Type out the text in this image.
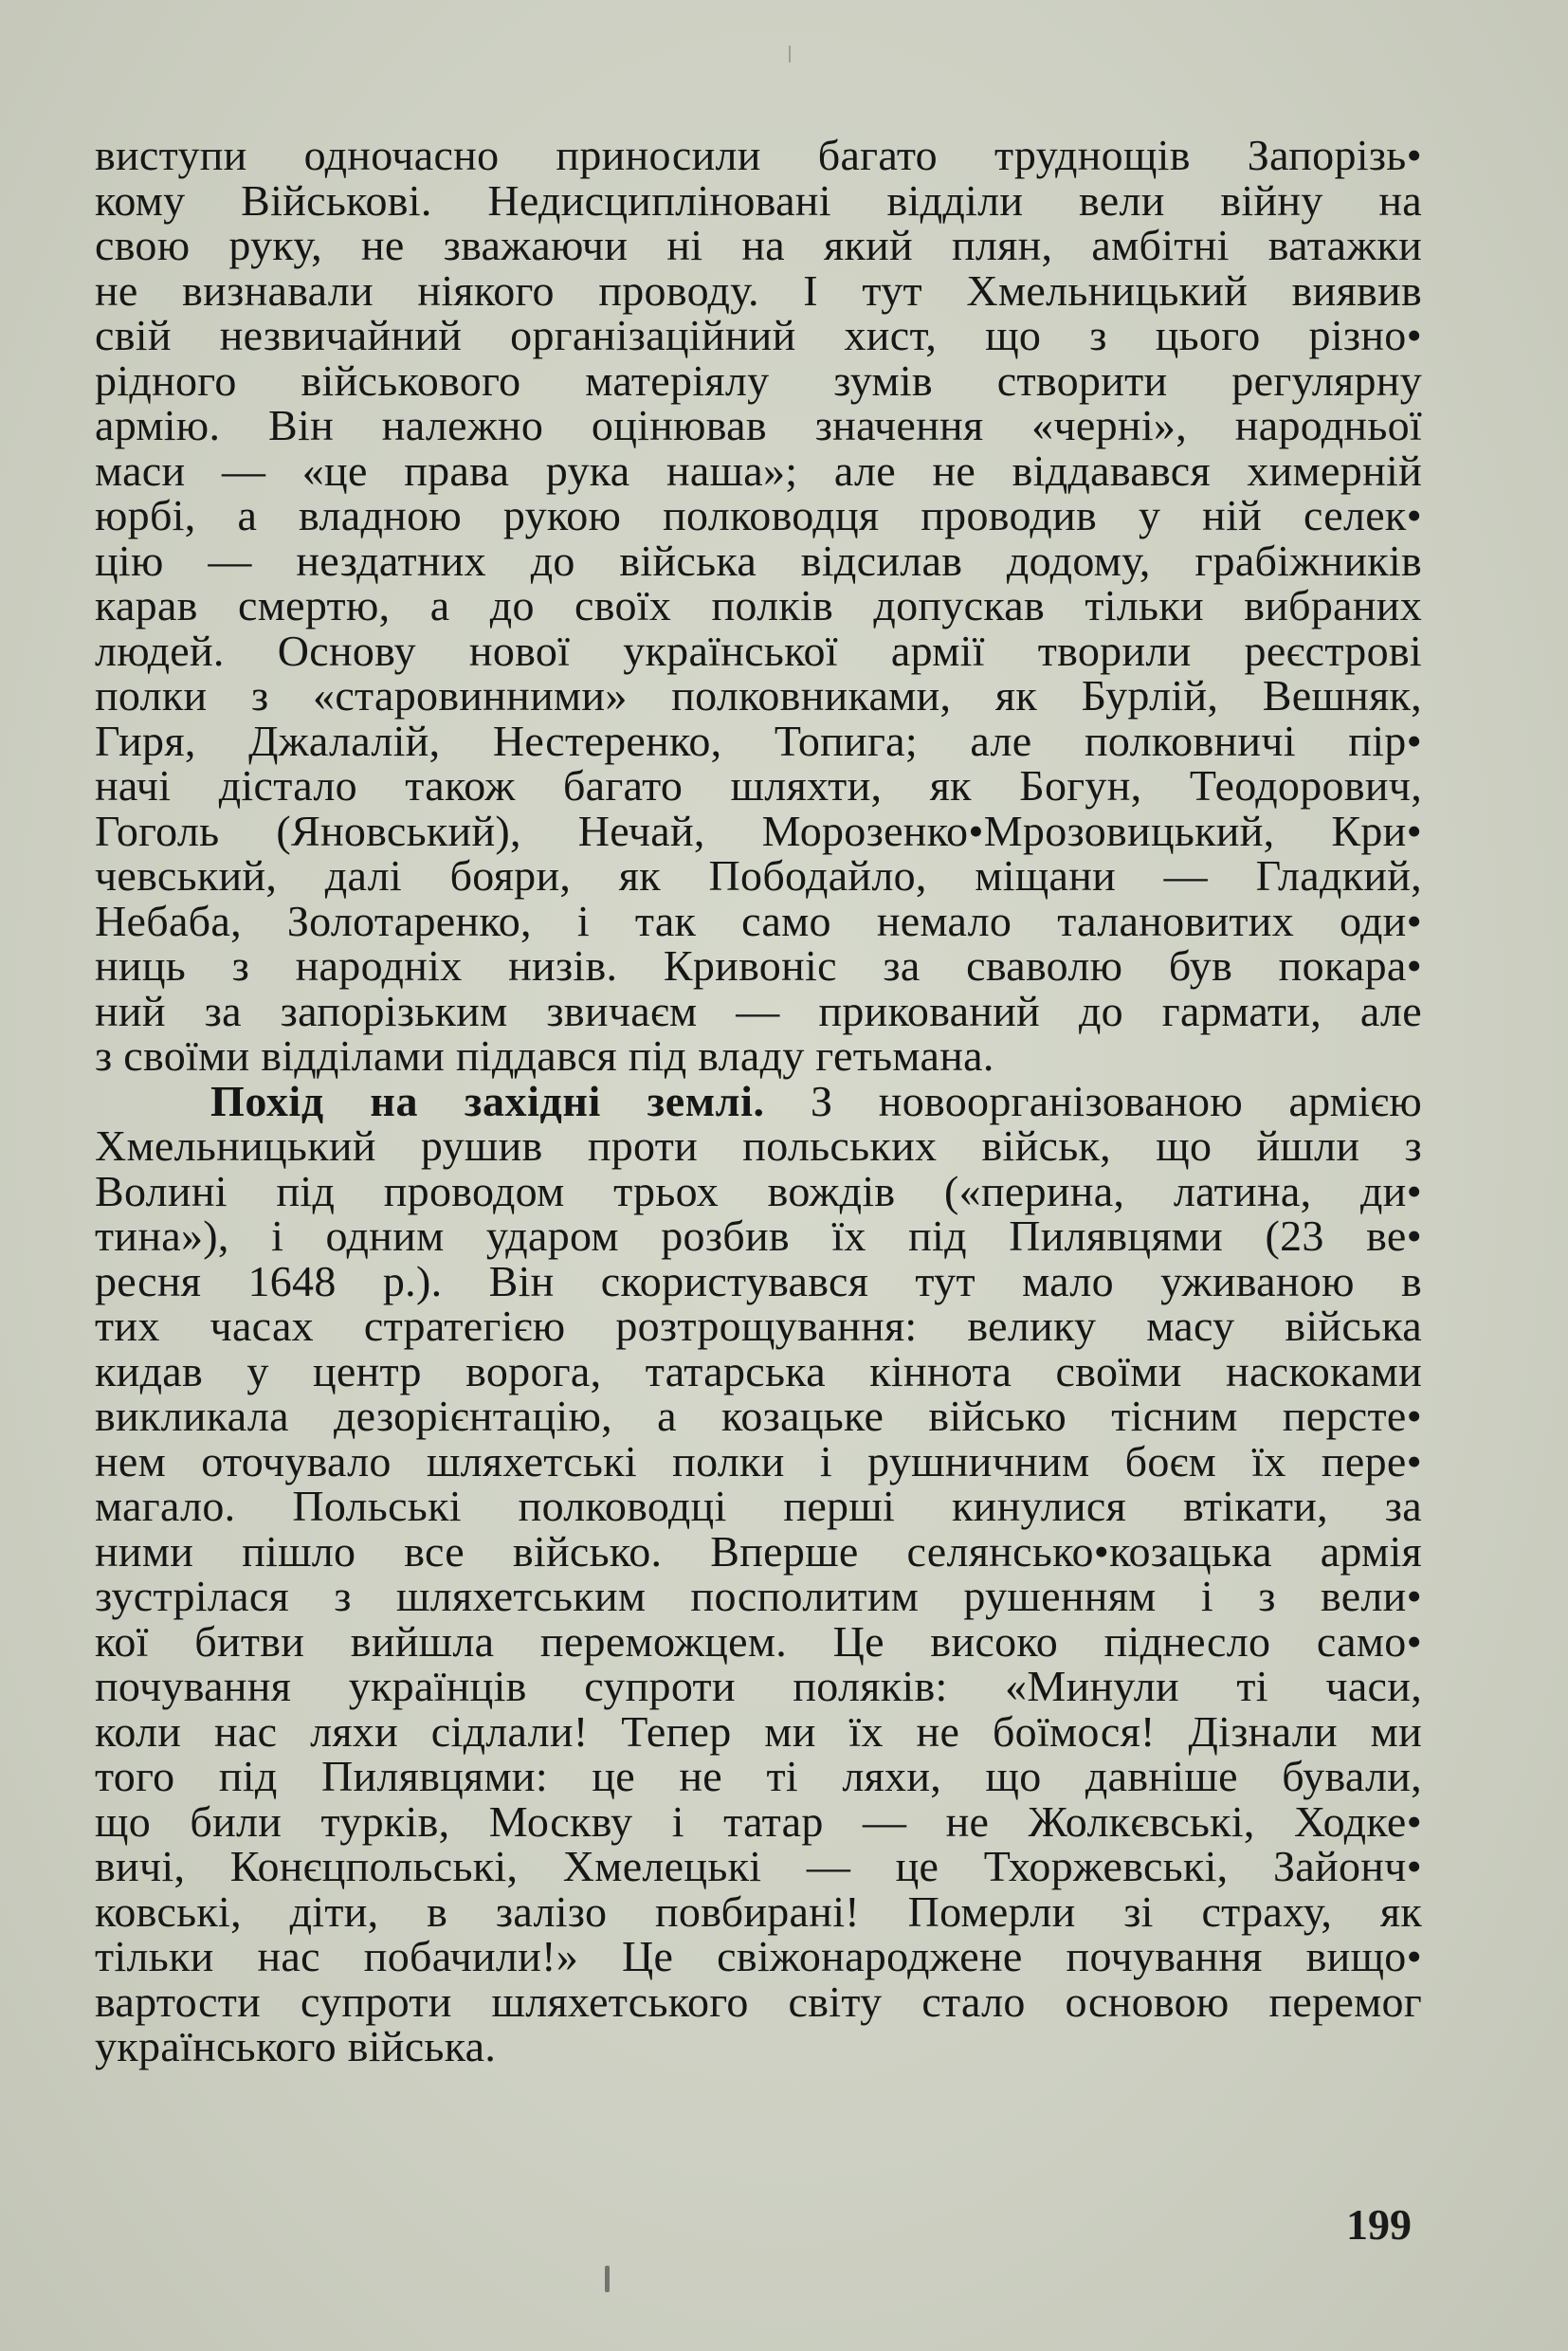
виступи одночасно приносили багато труднощів Запорізь•
кому Військові. Недисципліновані відділи вели війну на
свою руку, не зважаючи ні на який плян, амбітні ватажки
не визнавали ніякого проводу. І тут Хмельницький виявив
свій незвичайний організаційний хист, що з цього різно•
рідного військового матеріялу зумів створити регулярну
армію. Він належно оцінював значення «черні», народньої
маси — «це права рука наша»; але не віддавався химерній
юрбі, а владною рукою полководця проводив у ній селек•
цію — нездатних до війська відсилав додому, грабіжників
карав смертю, а до своїх полків допускав тільки вибраних
людей. Основу нової української армії творили реєстрові
полки з «старовинними» полковниками, як Бурлій, Вешняк,
Гиря, Джалалій, Нестеренко, Топига; але полковничі пір•
начі дістало також багато шляхти, як Богун, Теодорович,
Гоголь (Яновський), Нечай, Морозенко•Мрозовицький, Кри•
чевський, далі бояри, як Пободайло, міщани — Гладкий,
Небаба, Золотаренко, і так само немало талановитих оди•
ниць з народніх низів. Кривоніс за сваволю був покара•
ний за запорізьким звичаєм — прикований до гармати, але
з своїми відділами піддався під владу гетьмана.
Похід на західні землі. З новоорганізованою армією
Хмельницький рушив проти польських військ, що йшли з
Волині під проводом трьох вождів («перина, латина, ди•
тина»), і одним ударом розбив їх під Пилявцями (23 ве•
ресня 1648 р.). Він скористувався тут мало уживаною в
тих часах стратегією розтрощування: велику масу війська
кидав у центр ворога, татарська кіннота своїми наскоками
викликала дезорієнтацію, а козацьке військо тісним персте•
нем оточувало шляхетські полки і рушничним боєм їх пере•
магало. Польські полководці перші кинулися втікати, за
ними пішло все військо. Вперше селянсько•козацька армія
зустрілася з шляхетським посполитим рушенням і з вели•
кої битви вийшла переможцем. Це високо піднесло само•
почування українців супроти поляків: «Минули ті часи,
коли нас ляхи сідлали! Тепер ми їх не боїмося! Дізнали ми
того під Пилявцями: це не ті ляхи, що давніше бували,
що били турків, Москву і татар — не Жолкєвські, Ходке•
вичі, Конєцпольські, Хмелецькі — це Тхоржевські, Зайонч•
ковські, діти, в залізо повбирані! Померли зі страху, як
тільки нас побачили!» Це свіжонароджене почування вищо•
вартости супроти шляхетського світу стало основою перемог
українського війська.
199
